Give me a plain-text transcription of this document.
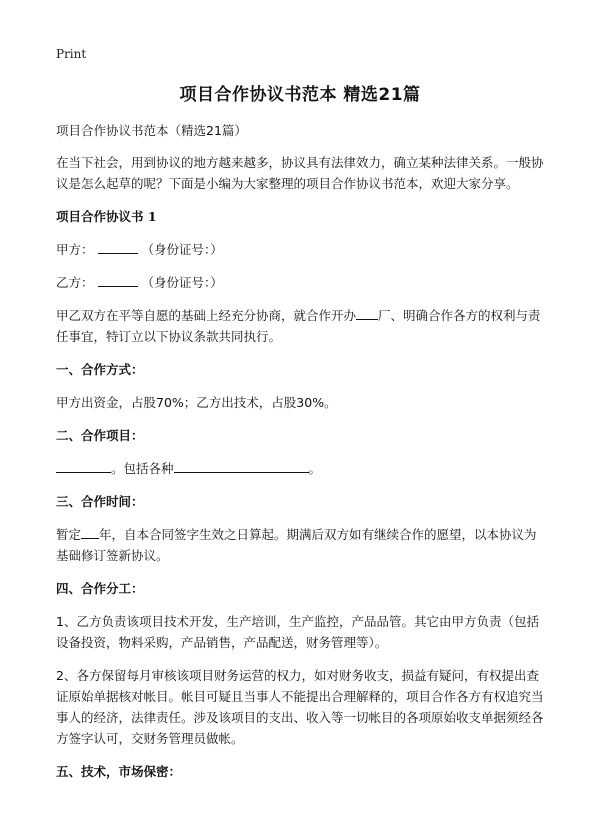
Print
项目合作协议书范本 精选21篇
项目合作协议书范本（精选21篇）
在当下社会，用到协议的地方越来越多，协议具有法律效力，确立某种法律关系。一般协议是怎么起草的呢？下面是小编为大家整理的项目合作协议书范本，欢迎大家分享。
项目合作协议书 1
甲方：	（身份证号：）
乙方：	（身份证号：）
甲乙双方在平等自愿的基础上经充分协商，就合作开办 厂、明确合作各方的权利与责任事宜，特订立以下协议条款共同执行。
一、合作方式：
甲方出资金，占股70%；乙方出技术，占股30%。
二、合作项目：
。包括各种	。
三、合作时间：
暂定 年，自本合同签字生效之日算起。期满后双方如有继续合作的愿望，以本协议为基础修订签新协议。
四、合作分工：
1、乙方负责该项目技术开发，生产培训，生产监控，产品品管。其它由甲方负责（包括设备投资，物料采购，产品销售，产品配送，财务管理等）。
2、各方保留每月审核该项目财务运营的权力，如对财务收支，损益有疑问，有权提出查证原始单据核对帐目。帐目可疑且当事人不能提出合理解释的，项目合作各方有权追究当事人的经济，法律责任。涉及该项目的支出、收入等一切帐目的各项原始收支单据须经各方签字认可，交财务管理员做帐。
五、技术，市场保密：
